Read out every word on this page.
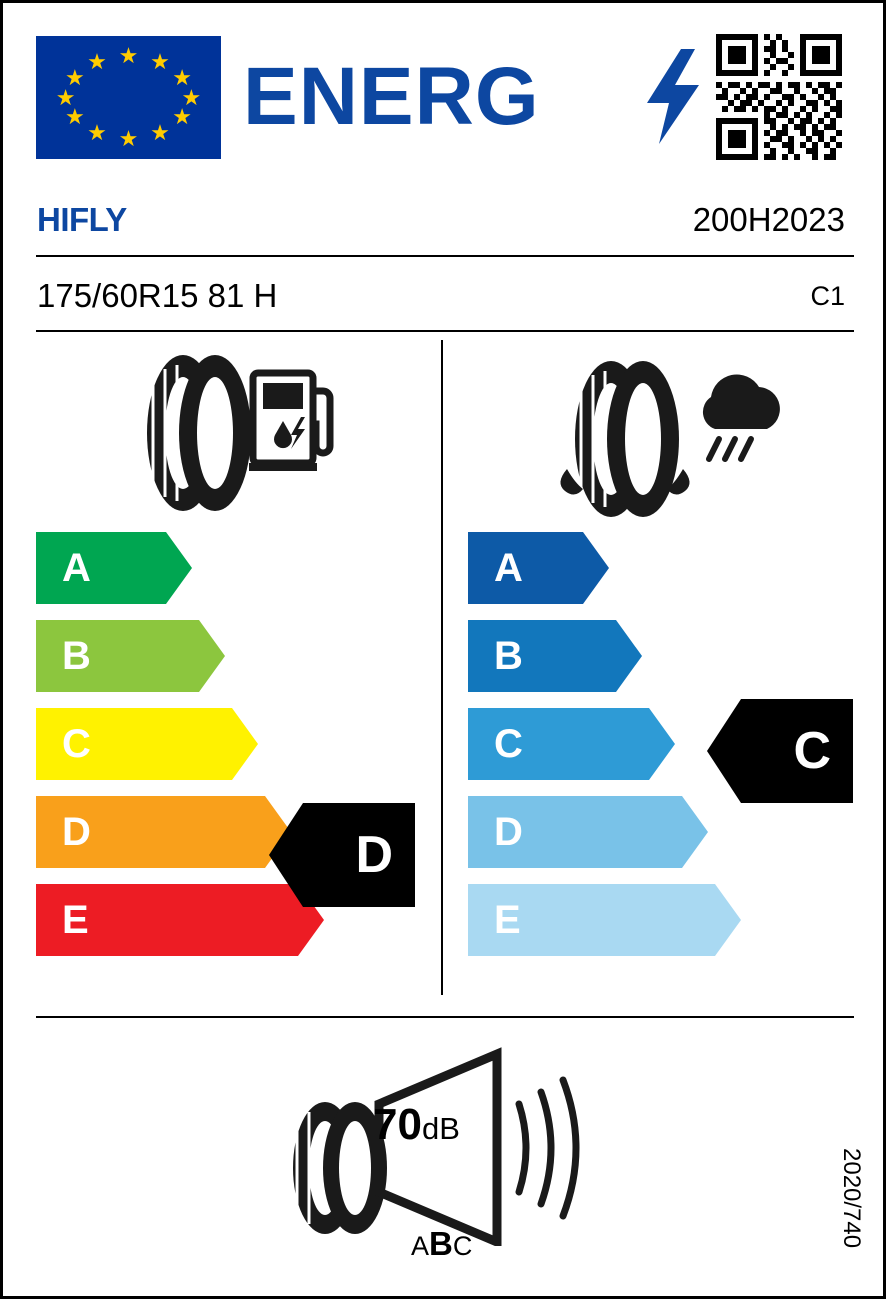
★ ★
★
★
★
★
★
★
★
★
★
★ ENERG
HIFLY	200H2023
175/60R15 81 H	C1
A
B
C
D
E
D
A
B
C
D
E
C
70dB
ABC	2020/740
